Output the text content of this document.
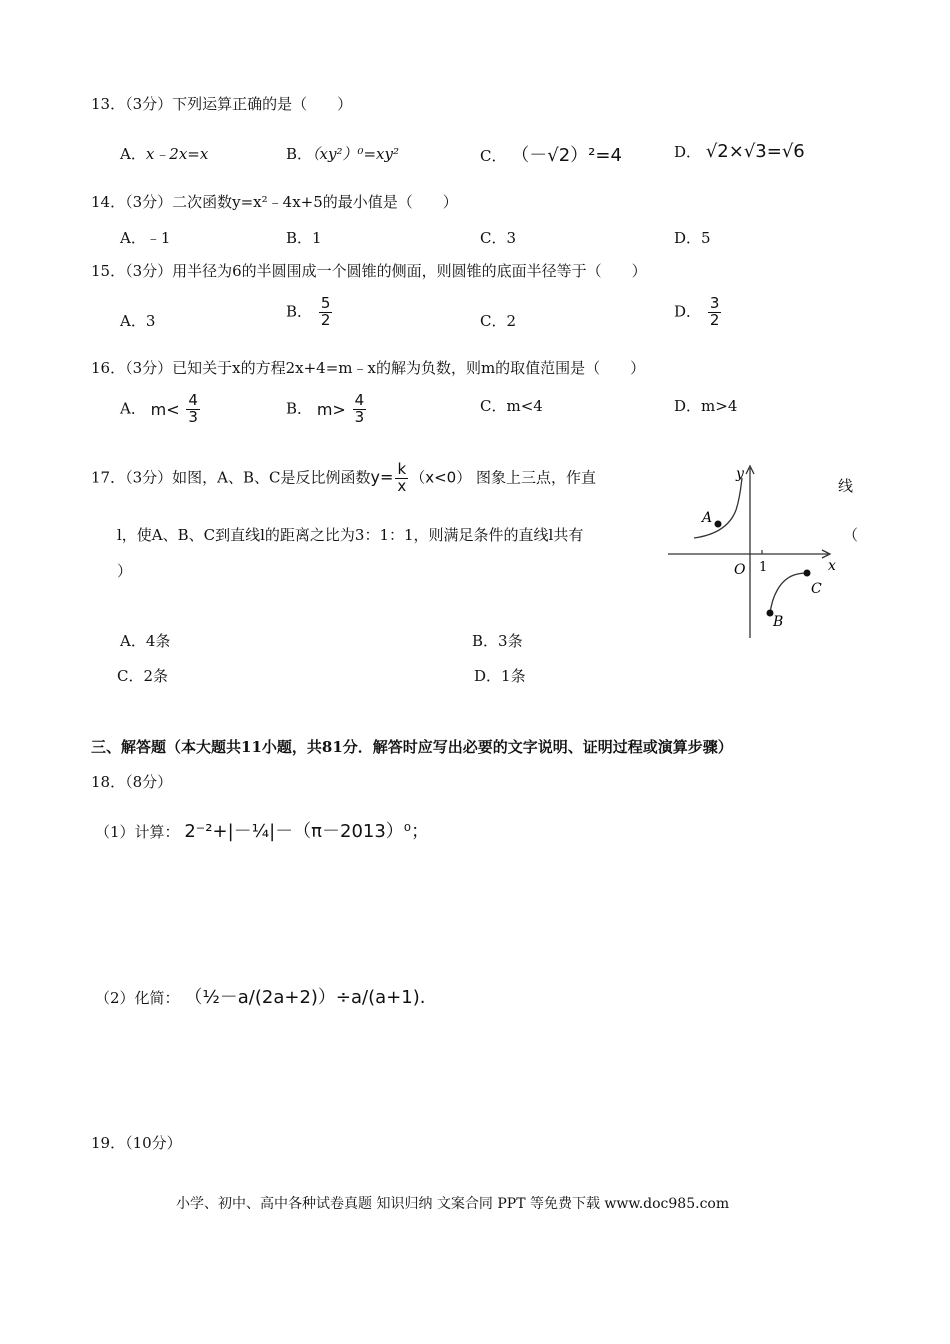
13．（3分）下列运算正确的是（　　）
A．x﹣2x=x	B．（xy²）⁰=xy²	C． （－√2）²=4	D． √2×√3=√6
14．（3分）二次函数y=x²﹣4x+5的最小值是（　　）
A．﹣1	B．1	C．3	D．5
15．（3分）用半径为6的半圆围成一个圆锥的侧面，则圆锥的底面半径等于（　　）
A．3
B． $\frac{5}{2}$	C．2
D． $\frac{3}{2}$
16．（3分）已知关于x的方程2x+4=m﹣x的解为负数，则m的取值范围是（　　）
A． $m< \frac{4}{3}$	B． $m> \frac{4}{3}$	C．m<4	D．m>4
17．（3分）如图，A、B、C是反比例函数$y= \frac{k}{x} (x<0)$ 图象上三点，作直	线
l，使A、B、C到直线l的距离之比为3：1：1，则满足条件的直线l共有	（
）
A
B
C
O 1	x
y
A．4条	B．3条
C．2条	D．1条
三、解答题（本大题共11小题，共81分．解答时应写出必要的文字说明、证明过程或演算步骤）
18．（8分）
（1）计算： 2⁻²+|－¼|－（π－2013）⁰；
（2）化简： （½－a/(2a+2)）÷a/(a+1).
19．（10分）
小学、初中、高中各种试卷真题 知识归纳 文案合同 PPT 等免费下载 www.doc985.com
